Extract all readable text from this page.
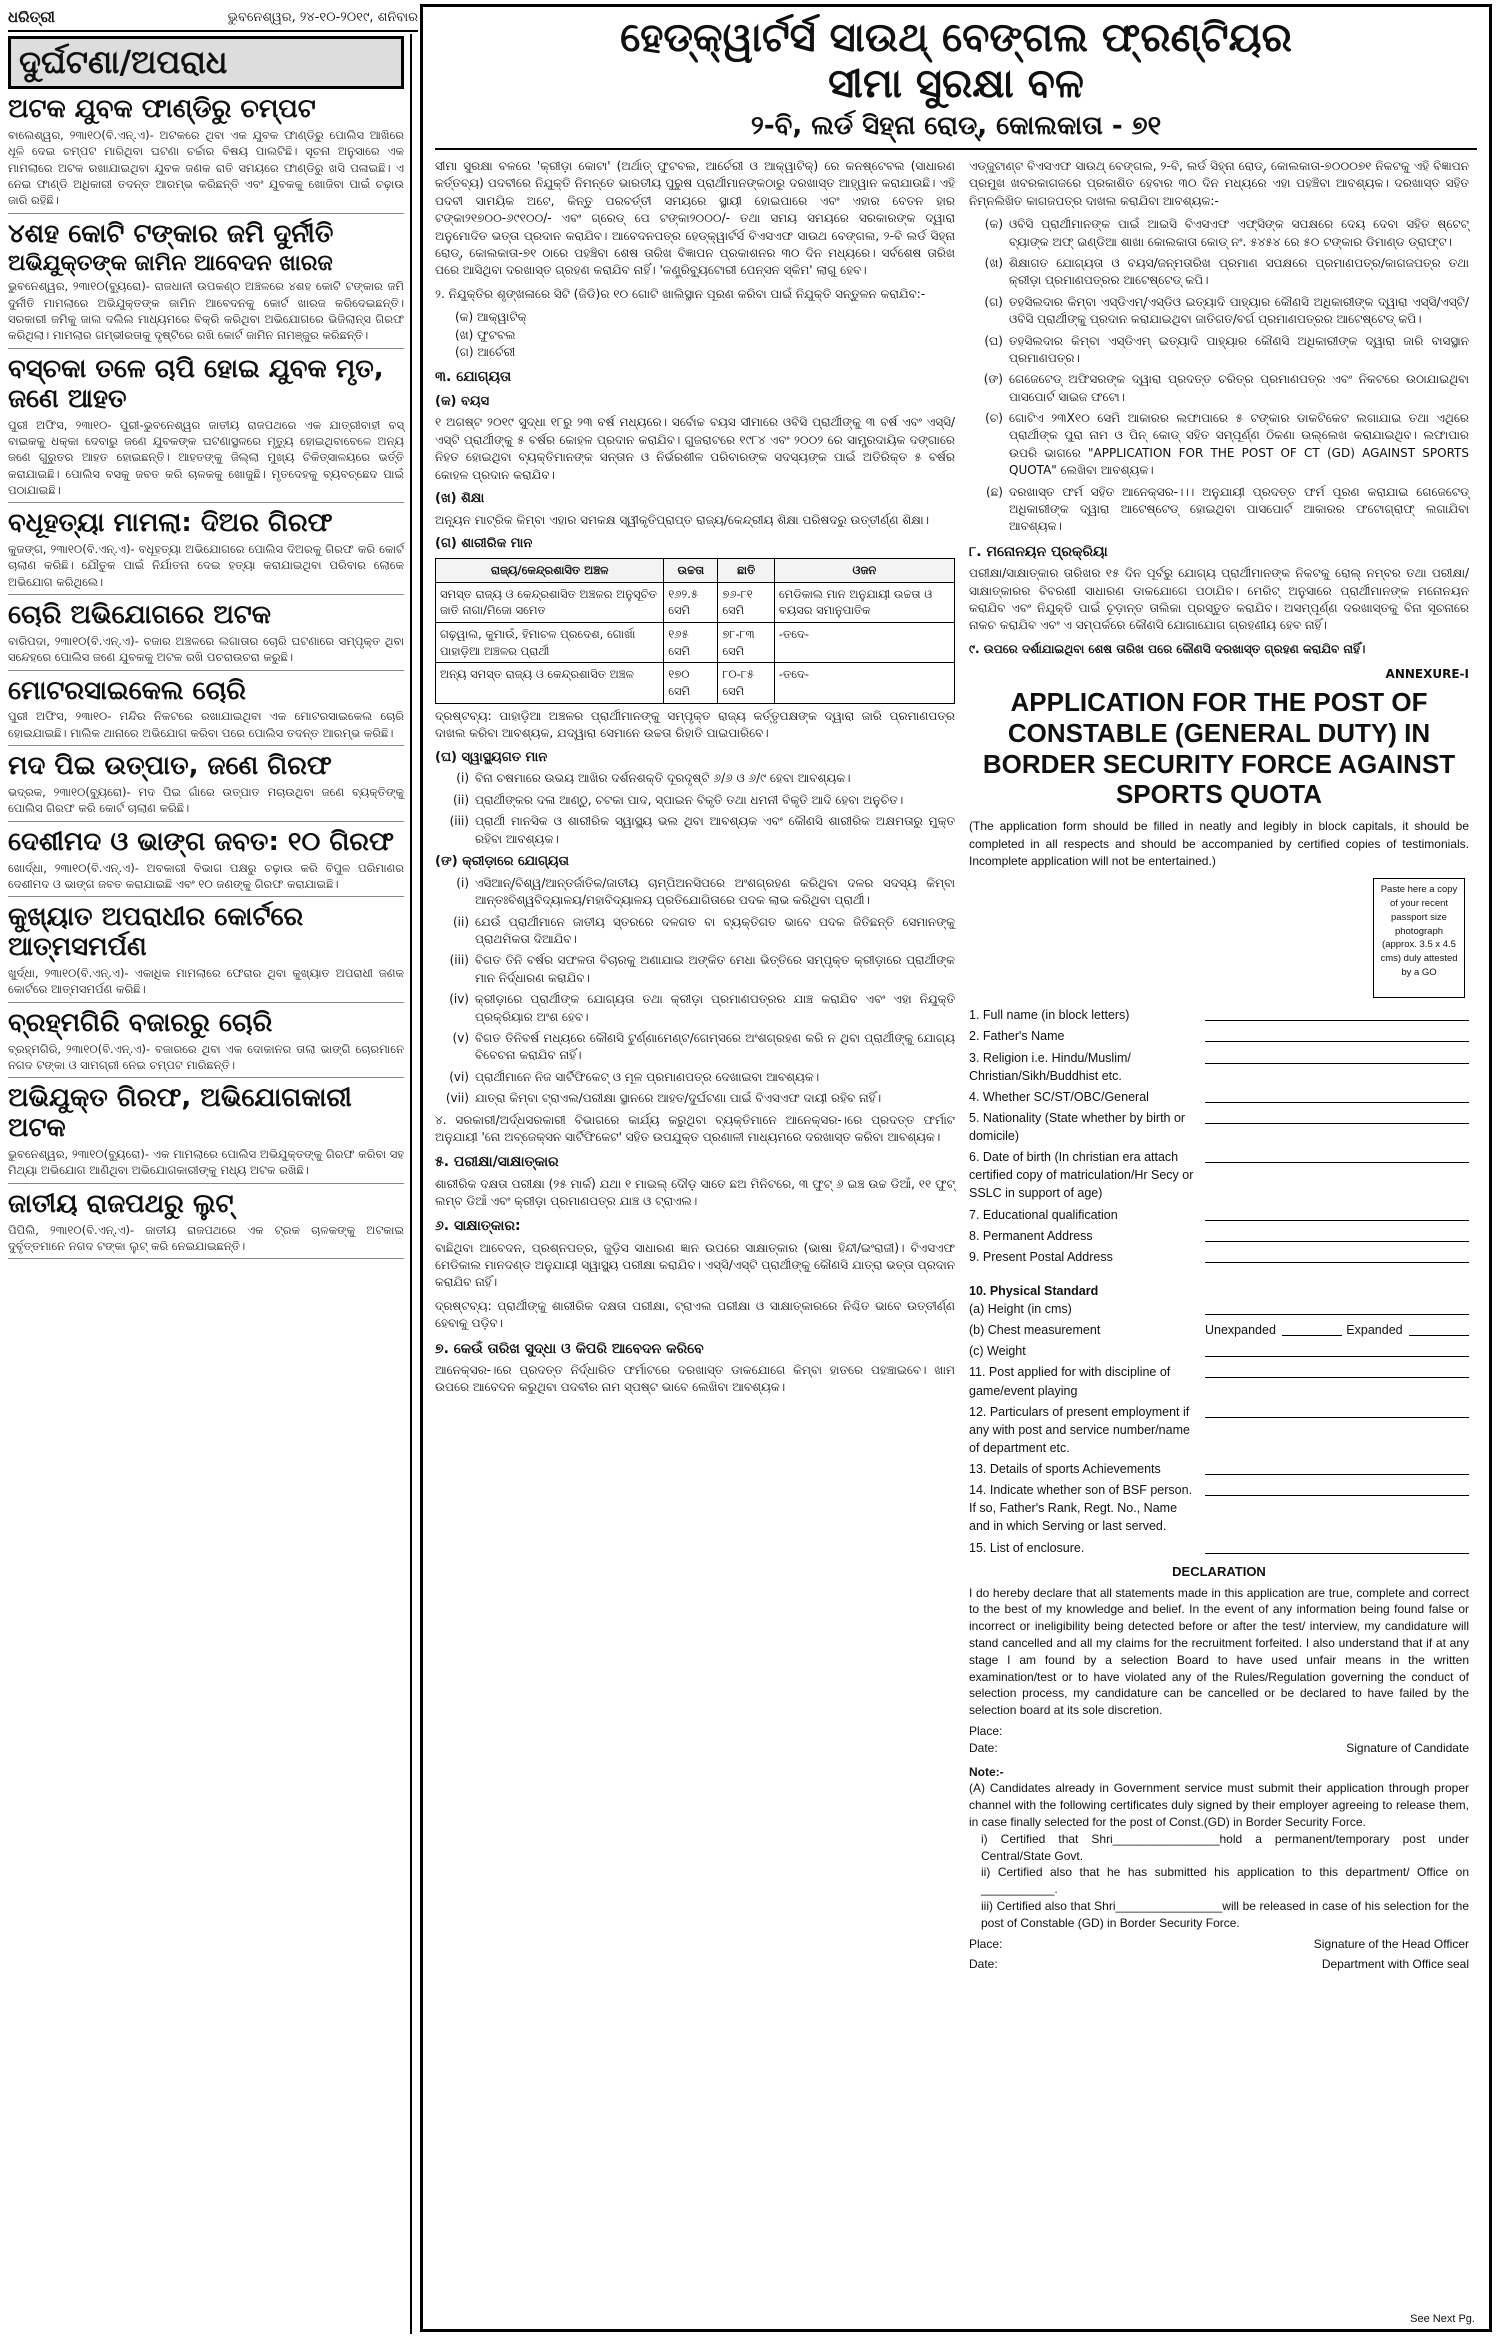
ଧରିତ୍ରୀ	ଭୁବନେଶ୍ୱର, ୨୪-୧୦-୨୦୧୯, ଶନିବାର
ଦୁର୍ଘଟଣା/ଅପରାଧ
ଅଟକ ଯୁବକ ଫାଣ୍ଡିରୁ ଚମ୍ପଟ

ବାଲେଶ୍ୱର, ୨୩ା୧୦(ବି.ଏନ୍.ଏ)- ଅଟକରେ ଥିବା ଏକ ଯୁବକ ଫାଣ୍ଡିରୁ ପୋଲିସ ଆଖିରେ ଧୂଳି ଦେଇ ଚମ୍ପଟ ମାରିଥିବା ଘଟଣା ଚର୍ଚ୍ଚାର ବିଷୟ ପାଲଟିଛି। ସୂଚନା ଅନୁସାରେ ଏକ ମାମଲାରେ ଅଟକ ରଖାଯାଇଥିବା ଯୁବକ ଜଣକ ରାତି ସମୟରେ ଫାଣ୍ଡିରୁ ଖସି ପଳାଇଛି। ଏ ନେଇ ଫାଣ୍ଡି ଅଧିକାରୀ ତଦନ୍ତ ଆରମ୍ଭ କରିଛନ୍ତି ଏବଂ ଯୁବକକୁ ଖୋଜିବା ପାଇଁ ଚଢ଼ାଉ ଜାରି ରହିଛି।

୪ଶହ କୋଟି ଟଙ୍କାର ଜମି ଦୁର୍ନୀତି
ଅଭିଯୁକ୍ତଙ୍କ ଜାମିନ ଆବେଦନ ଖାରଜ

ଭୁବନେଶ୍ୱର, ୨୩ା୧୦(ବ୍ୟୁରୋ)- ରାଜଧାନୀ ଉପକଣ୍ଠ ଅଞ୍ଚଳରେ ୪ଶହ କୋଟି ଟଙ୍କାର ଜମି ଦୁର୍ନୀତି ମାମଲାରେ ଅଭିଯୁକ୍ତଙ୍କ ଜାମିନ ଆବେଦନକୁ କୋର୍ଟ ଖାରଜ କରିଦେଇଛନ୍ତି। ସରକାରୀ ଜମିକୁ ଜାଲ ଦଲିଲ ମାଧ୍ୟମରେ ବିକ୍ରି କରିଥିବା ଅଭିଯୋଗରେ ଭିଜିଲାନ୍ସ ଗିରଫ କରିଥିଲା। ମାମଲାର ଗମ୍ଭୀରତାକୁ ଦୃଷ୍ଟିରେ ରଖି କୋର୍ଟ ଜାମିନ ନାମଞ୍ଜୁର କରିଛନ୍ତି।

ବସ୍‌ଚକା ତଳେ ଚାପି ହୋଇ ଯୁବକ ମୃତ, ଜଣେ ଆହତ

ପୁରୀ ଅଫିସ, ୨୩ା୧୦- ପୁରୀ-ଭୁବନେଶ୍ୱର ଜାତୀୟ ରାଜପଥରେ ଏକ ଯାତ୍ରୀବାହୀ ବସ୍ ବାଇକକୁ ଧକ୍କା ଦେବାରୁ ଜଣେ ଯୁବକଙ୍କ ଘଟଣାସ୍ଥଳରେ ମୃତ୍ୟୁ ହୋଇଥିବାବେଳେ ଅନ୍ୟ ଜଣେ ଗୁରୁତର ଆହତ ହୋଇଛନ୍ତି। ଆହତଙ୍କୁ ଜିଲ୍ଲା ମୁଖ୍ୟ ଚିକିତ୍ସାଳୟରେ ଭର୍ତ୍ତି କରାଯାଇଛି। ପୋଲିସ ବସକୁ ଜବତ କରି ଚାଳକକୁ ଖୋଜୁଛି। ମୃତଦେହକୁ ବ୍ୟବଚ୍ଛେଦ ପାଇଁ ପଠାଯାଇଛି।

ବଧୂହତ୍ୟା ମାମଲା: ଦିଅର ଗିରଫ

କୁଜଙ୍ଗ, ୨୩ା୧୦(ବି.ଏନ୍.ଏ)- ବଧୂହତ୍ୟା ଅଭିଯୋଗରେ ପୋଲିସ ଦିଅରକୁ ଗିରଫ କରି କୋର୍ଟ ଚାଲାଣ କରିଛି। ଯୌତୁକ ପାଇଁ ନିର୍ଯାତନା ଦେଇ ହତ୍ୟା କରାଯାଇଥିବା ପରିବାର ଲୋକେ ଅଭିଯୋଗ କରିଥିଲେ।

ଚୋରି ଅଭିଯୋଗରେ ଅଟକ

ବାରିପଦା, ୨୩ା୧୦(ବି.ଏନ୍.ଏ)- ବଜାର ଅଞ୍ଚଳରେ ଲଗାତାର ଚୋରି ଘଟଣାରେ ସମ୍ପୃକ୍ତ ଥିବା ସନ୍ଦେହରେ ପୋଲିସ ଜଣେ ଯୁବକକୁ ଅଟକ ରଖି ପଚରାଉଚରା କରୁଛି।

ମୋଟରସାଇକେଲ ଚୋରି

ପୁରୀ ଅଫିସ, ୨୩ା୧୦- ମନ୍ଦିର ନିକଟରେ ରଖାଯାଇଥିବା ଏକ ମୋଟରସାଇକେଲ ଚୋରି ହୋଇଯାଇଛି। ମାଲିକ ଥାନାରେ ଅଭିଯୋଗ କରିବା ପରେ ପୋଲିସ ତଦନ୍ତ ଆରମ୍ଭ କରିଛି।

ମଦ ପିଇ ଉତ୍ପାତ, ଜଣେ ଗିରଫ

ଭଦ୍ରକ, ୨୩ା୧୦(ବ୍ୟୁରୋ)- ମଦ ପିଇ ଗାଁରେ ଉତ୍ପାତ ମଚାଉଥିବା ଜଣେ ବ୍ୟକ୍ତିଙ୍କୁ ପୋଲିସ ଗିରଫ କରି କୋର୍ଟ ଚାଲାଣ କରିଛି।

ଦେଶୀମଦ ଓ ଭାଙ୍ଗ ଜବତ: ୧୦ ଗିରଫ

ଖୋର୍ଦ୍ଧା, ୨୩ା୧୦(ବି.ଏନ୍.ଏ)- ଅବକାରୀ ବିଭାଗ ପକ୍ଷରୁ ଚଢ଼ାଉ କରି ବିପୁଳ ପରିମାଣର ଦେଶୀମଦ ଓ ଭାଙ୍ଗ ଜବତ କରାଯାଇଛି ଏବଂ ୧୦ ଜଣଙ୍କୁ ଗିରଫ କରାଯାଇଛି।

କୁଖ୍ୟାତ ଅପରାଧୀର କୋର୍ଟରେ ଆତ୍ମସମର୍ପଣ

ଖୁର୍ଦ୍ଧା, ୨୩ା୧୦(ବି.ଏନ୍.ଏ)- ଏକାଧିକ ମାମଲାରେ ଫେରାର ଥିବା କୁଖ୍ୟାତ ଅପରାଧୀ ଜଣକ କୋର୍ଟରେ ଆତ୍ମସମର୍ପଣ କରିଛି।

ବ୍ରହ୍ମଗିରି ବଜାରରୁ ଚୋରି

ବ୍ରହ୍ମଗିରି, ୨୩ା୧୦(ବି.ଏନ୍.ଏ)- ବଜାରରେ ଥିବା ଏକ ଦୋକାନର ତାଲା ଭାଙ୍ଗି ଚୋରମାନେ ନଗଦ ଟଙ୍କା ଓ ସାମଗ୍ରୀ ନେଇ ଚମ୍ପଟ ମାରିଛନ୍ତି।

ଅଭିଯୁକ୍ତ ଗିରଫ, ଅଭିଯୋଗକାରୀ ଅଟକ

ଭୁବନେଶ୍ୱର, ୨୩ା୧୦(ବ୍ୟୁରୋ)- ଏକ ମାମଲାରେ ପୋଲିସ ଅଭିଯୁକ୍ତଙ୍କୁ ଗିରଫ କରିବା ସହ ମିଥ୍ୟା ଅଭିଯୋଗ ଆଣିଥିବା ଅଭିଯୋଗକାରୀଙ୍କୁ ମଧ୍ୟ ଅଟକ ରଖିଛି।

ଜାତୀୟ ରାଜପଥରୁ ଲୁଟ୍

ପିପିଲି, ୨୩ା୧୦(ବି.ଏନ୍.ଏ)- ଜାତୀୟ ରାଜପଥରେ ଏକ ଟ୍ରକ ଚାଳକଙ୍କୁ ଅଟକାଇ ଦୁର୍ବୃତ୍ତମାନେ ନଗଦ ଟଙ୍କା ଲୁଟ୍ କରି ନେଇଯାଇଛନ୍ତି।

ହେଡ୍‌କ୍ୱାର୍ଟର୍ସ ସାଉଥ୍ ବେଙ୍ଗଲ ଫ୍ରଣ୍ଟିୟର
ସୀମା ସୁରକ୍ଷା ବଳ
୨-ବି, ଲର୍ଡ ସିହ୍ନା ରୋଡ୍, କୋଲକାତା - ୭୧

ସୀମା ସୁରକ୍ଷା ବଳରେ 'କ୍ରୀଡ଼ା କୋଟା' (ଅର୍ଥାତ୍ ଫୁଟବଲ, ଆର୍ଚେରୀ ଓ ଆକ୍ୱାଟିକ୍) ରେ କନଷ୍ଟେବଲ (ସାଧାରଣ କର୍ତ୍ତବ୍ୟ) ପଦବୀରେ ନିଯୁକ୍ତି ନିମନ୍ତେ ଭାରତୀୟ ପୁରୁଷ ପ୍ରାର୍ଥୀମାନଙ୍କଠାରୁ ଦରଖାସ୍ତ ଆହ୍ୱାନ କରାଯାଉଛି। ଏହି ପଦବୀ ସାମୟିକ ଅଟେ, କିନ୍ତୁ ପରବର୍ତ୍ତୀ ସମୟରେ ସ୍ଥାୟୀ ହୋଇପାରେ ଏବଂ ଏହାର ବେତନ ହାର ଟଙ୍କା୨୧୭୦୦-୬୯୧୦୦/- ଏବଂ ଗ୍ରେଡ୍ ପେ ଟଙ୍କା୨୦୦୦/- ତଥା ସମୟ ସମୟରେ ସରକାରଙ୍କ ଦ୍ୱାରା ଅନୁମୋଦିତ ଭତ୍ତା ପ୍ରଦାନ କରାଯିବ। ଆବେଦନପତ୍ର ହେଡ୍‌କ୍ୱାର୍ଟର୍ସ ବିଏସଏଫ ସାଉଥ ବେଙ୍ଗଲ, ୨-ବି ଲର୍ଡ ସିହ୍ନା ରୋଡ୍, କୋଲକାତା-୭୧ ଠାରେ ପହଞ୍ଚିବା ଶେଷ ତାରିଖ ବିଜ୍ଞାପନ ପ୍ରକାଶନର ୩୦ ଦିନ ମଧ୍ୟରେ। ସର୍ବଶେଷ ତାରିଖ ପରେ ଆସିଥିବା ଦରଖାସ୍ତ ଗ୍ରହଣ କରାଯିବ ନାହିଁ। 'କଣ୍ଟ୍ରିବ୍ୟୁଟୋରୀ ପେନ୍‌ସନ ସ୍କିମ' ଲାଗୁ ହେବ।

୨. ନିଯୁକ୍ତିର ଶୃଙ୍ଖଳାରେ ସିଟି (ଜିଡି)ର ୧୦ ଗୋଟି ଖାଲିସ୍ଥାନ ପୂରଣ କରିବା ପାଇଁ ନିଯୁକ୍ତି ସନ୍ତୁଳନ କରାଯିବ:-

(କ) ଆକ୍ୱାଟିକ୍
(ଖ) ଫୁଟବଲ
(ଗ) ଆର୍ଚେରୀ
୩. ଯୋଗ୍ୟତା
(କ) ବୟସ

୧ ଅଗଷ୍ଟ ୨୦୧୯ ସୁଦ୍ଧା ୧୮ରୁ ୨୩ ବର୍ଷ ମଧ୍ୟରେ। ସର୍ବୋଚ୍ଚ ବୟସ ସୀମାରେ ଓବିସି ପ୍ରାର୍ଥୀଙ୍କୁ ୩ ବର୍ଷ ଏବଂ ଏସ୍‌ସି/ଏସ୍‌ଟି ପ୍ରାର୍ଥୀଙ୍କୁ ୫ ବର୍ଷର କୋହଳ ପ୍ରଦାନ କରାଯିବ। ଗୁଜରାଟରେ ୧୯୮୪ ଏବଂ ୨୦୦୨ ରେ ସାମ୍ପ୍ରଦାୟିକ ଦଙ୍ଗାରେ ନିହତ ହୋଇଥିବା ବ୍ୟକ୍ତିମାନଙ୍କ ସନ୍ତାନ ଓ ନିର୍ଭରଶୀଳ ପରିବାରଙ୍କ ସଦସ୍ୟଙ୍କ ପାଇଁ ଅତିରିକ୍ତ ୫ ବର୍ଷର କୋହଳ ପ୍ରଦାନ କରାଯିବ।

(ଖ) ଶିକ୍ଷା

ଅନ୍ୟୂନ ମାଟ୍ରିକ କିମ୍ବା ଏହାର ସମକକ୍ଷ ସ୍ୱୀକୃତିପ୍ରାପ୍ତ ରାଜ୍ୟ/କେନ୍ଦ୍ରୀୟ ଶିକ୍ଷା ପରିଷଦରୁ ଉତ୍ତୀର୍ଣ୍ଣ ଶିକ୍ଷା।

(ଗ) ଶାରୀରିକ ମାନ
ରାଜ୍ୟ/କେନ୍ଦ୍ରଶାସିତ ଅଞ୍ଚଳ	ଉଚ୍ଚତା	ଛାତି	ଓଜନ
ସମସ୍ତ ରାଜ୍ୟ ଓ କେନ୍ଦ୍ରଶାସିତ ଅଞ୍ଚଳର ଅନୁସୂଚିତ ଜାତି ନାଗା/ମିଜୋ ସମେତ	୧୬୨.୫ ସେମି	୭୬-୮୧ ସେମି	ମେଡିକାଲ ମାନ ଅନୁଯାୟୀ ଉଚ୍ଚତା ଓ ବୟସର ସମାନୁପାତିକ
ଗଢ଼ୱାଲ, କୁମାଉଁ, ହିମାଚଳ ପ୍ରଦେଶ, ଗୋର୍ଖା ପାହାଡ଼ିଆ ଅଞ୍ଚଳର ପ୍ରାର୍ଥୀ	୧୬୫ ସେମି	୭୮-୮୩ ସେମି	-ତଦେ-
ଅନ୍ୟ ସମସ୍ତ ରାଜ୍ୟ ଓ କେନ୍ଦ୍ରଶାସିତ ଅଞ୍ଚଳ	୧୭୦ ସେମି	୮୦-୮୫ ସେମି	-ତଦେ-

ଦ୍ରଷ୍ଟବ୍ୟ: ପାହାଡ଼ିଆ ଅଞ୍ଚଳର ପ୍ରାର୍ଥୀମାନଙ୍କୁ ସମ୍ପୃକ୍ତ ରାଜ୍ୟ କର୍ତ୍ତୃପକ୍ଷଙ୍କ ଦ୍ୱାରା ଜାରି ପ୍ରମାଣପତ୍ର ଦାଖଲ କରିବା ଆବଶ୍ୟକ, ଯଦ୍ୱାରା ସେମାନେ ଉଚ୍ଚତା ରିହାତି ପାଇପାରିବେ।

(ଘ) ସ୍ୱାସ୍ଥ୍ୟଗତ ମାନ
(i) ବିନା ଚଷମାରେ ଉଭୟ ଆଖିର ଦର୍ଶନଶକ୍ତି ଦୂରଦୃଷ୍ଟି ୬/୬ ଓ ୬/୯ ହେବା ଆବଶ୍ୟକ।
(ii) ପ୍ରାର୍ଥୀଙ୍କର ଦଳା ଆଣ୍ଠୁ, ଚଟକା ପାଦ, ସ୍ପାଇନ ବିକୃତି ତଥା ଧମନୀ ବିକୃତି ଆଦି ହେବା ଅନୁଚିତ।
(iii) ପ୍ରାର୍ଥୀ ମାନସିକ ଓ ଶାରୀରିକ ସ୍ୱାସ୍ଥ୍ୟ ଭଲ ଥିବା ଆବଶ୍ୟକ ଏବଂ କୌଣସି ଶାରୀରିକ ଅକ୍ଷମତାରୁ ମୁକ୍ତ ରହିବା ଆବଶ୍ୟକ।
(ଙ) କ୍ରୀଡ଼ାରେ ଯୋଗ୍ୟତା
(i) ଏସିଆନ୍/ବିଶ୍ୱ/ଆନ୍ତର୍ଜାତିକ/ଜାତୀୟ ଚାମ୍ପିଅନସିପରେ ଅଂଶଗ୍ରହଣ କରିଥିବା ଦଳର ସଦସ୍ୟ କିମ୍ବା ଆନ୍ତଃବିଶ୍ୱବିଦ୍ୟାଳୟ/ମହାବିଦ୍ୟାଳୟ ପ୍ରତିଯୋଗିତାରେ ପଦକ ଲାଭ କରିଥିବା ପ୍ରାର୍ଥୀ।
(ii) ଯେଉଁ ପ୍ରାର୍ଥୀମାନେ ଜାତୀୟ ସ୍ତରରେ ଦଳଗତ ବା ବ୍ୟକ୍ତିଗତ ଭାବେ ପଦକ ଜିତିଛନ୍ତି ସେମାନଙ୍କୁ ପ୍ରାଥମିକତା ଦିଆଯିବ।
(iii) ବିଗତ ତିନି ବର୍ଷର ସଫଳତା ବିଚାରକୁ ଅଣାଯାଇ ଅଙ୍କିତ ମେଧା ଭିତ୍ତିରେ ସମ୍ପୃକ୍ତ କ୍ରୀଡ଼ାରେ ପ୍ରାର୍ଥୀଙ୍କ ମାନ ନିର୍ଦ୍ଧାରଣ କରାଯିବ।
(iv) କ୍ରୀଡ଼ାରେ ପ୍ରାର୍ଥୀଙ୍କ ଯୋଗ୍ୟତା ତଥା କ୍ରୀଡ଼ା ପ୍ରମାଣପତ୍ରର ଯାଞ୍ଚ କରାଯିବ ଏବଂ ଏହା ନିଯୁକ୍ତି ପ୍ରକ୍ରିୟାର ଅଂଶ ହେବ।
(v) ବିଗତ ତିନିବର୍ଷ ମଧ୍ୟରେ କୌଣସି ଟୁର୍ଣ୍ଣାମେଣ୍ଟ/ଗେମ୍ସରେ ଅଂଶଗ୍ରହଣ କରି ନ ଥିବା ପ୍ରାର୍ଥୀଙ୍କୁ ଯୋଗ୍ୟ ବିବେଚନା କରାଯିବ ନାହିଁ।
(vi) ପ୍ରାର୍ଥୀମାନେ ନିଜ ସାର୍ଟିଫିକେଟ୍ ଓ ମୂଳ ପ୍ରମାଣପତ୍ର ଦେଖାଇବା ଆବଶ୍ୟକ।
(vii) ଯାତ୍ରା କିମ୍ବା ଟ୍ରାଏଲ/ପରୀକ୍ଷା ସ୍ଥାନରେ ଆହତ/ଦୁର୍ଘଟଣା ପାଇଁ ବିଏସଏଫ ଦାୟୀ ରହିବ ନାହିଁ।

୪. ସରକାରୀ/ଅର୍ଦ୍ଧସରକାରୀ ବିଭାଗରେ କାର୍ଯ୍ୟ କରୁଥିବା ବ୍ୟକ୍ତିମାନେ ଆନେକ୍ସର-।ରେ ପ୍ରଦତ୍ତ ଫର୍ମାଟ ଅନୁଯାୟୀ 'ନୋ ଅବ୍‌ଜେକ୍ସନ ସାର୍ଟିଫିକେଟ' ସହିତ ଉପଯୁକ୍ତ ପ୍ରଣାଳୀ ମାଧ୍ୟମରେ ଦରଖାସ୍ତ କରିବା ଆବଶ୍ୟକ।

୫. ପରୀକ୍ଷା/ସାକ୍ଷାତ୍କାର

ଶାରୀରିକ ଦକ୍ଷତା ପରୀକ୍ଷା (୨୫ ମାର୍କ) ଯଥା ୧ ମାଇଲ୍ ଦୌଡ଼ ସାତେ ଛଅ ମିନିଟରେ, ୩ ଫୁଟ୍ ୬ ଇଞ୍ଚ ଉଚ୍ଚ ଡିଆଁ, ୧୧ ଫୁଟ୍ ଲମ୍ବ ଡିଆଁ ଏବଂ କ୍ରୀଡ଼ା ପ୍ରମାଣପତ୍ର ଯାଞ୍ଚ ଓ ଟ୍ରାଏଲ।

୬. ସାକ୍ଷାତ୍କାର:

ବାଛିଥିବା ଆବେଦନ, ପ୍ରଶ୍ନପତ୍ର, ଜୁଡ଼ିସ ସାଧାରଣ ଜ୍ଞାନ ଉପରେ ସାକ୍ଷାତ୍କାର (ଭାଷା ହିନ୍ଦୀ/ଇଂରାଜୀ)। ବିଏସଏଫ ମେଡିକାଲ ମାନଦଣ୍ଡ ଅନୁଯାୟୀ ସ୍ୱାସ୍ଥ୍ୟ ପରୀକ୍ଷା କରାଯିବ। ଏସ୍‌ସି/ଏସ୍‌ଟି ପ୍ରାର୍ଥୀଙ୍କୁ କୌଣସି ଯାତ୍ରା ଭତ୍ତା ପ୍ରଦାନ କରାଯିବ ନାହିଁ।

ଦ୍ରଷ୍ଟବ୍ୟ: ପ୍ରାର୍ଥୀଙ୍କୁ ଶାରୀରିକ ଦକ୍ଷତା ପରୀକ୍ଷା, ଟ୍ରାଏଲ ପରୀକ୍ଷା ଓ ସାକ୍ଷାତ୍କାରରେ ନିଶ୍ଚିତ ଭାବେ ଉତ୍ତୀର୍ଣ୍ଣ ହେବାକୁ ପଡ଼ିବ।

୭. କେଉଁ ତାରିଖ ସୁଦ୍ଧା ଓ କିପରି ଆବେଦନ କରିବେ

ଆନେକ୍ସର-।ରେ ପ୍ରଦତ୍ତ ନିର୍ଦ୍ଧାରିତ ଫର୍ମାଟରେ ଦରଖାସ୍ତ ଡାକଯୋଗେ କିମ୍ବା ହାତରେ ପହଞ୍ଚାଇବେ। ଖାମ ଉପରେ ଆବେଦନ କରୁଥିବା ପଦବୀର ନାମ ସ୍ପଷ୍ଟ ଭାବେ ଲେଖିବା ଆବଶ୍ୟକ।

ଏଡ୍‌ଜୁଟାଣ୍ଟ ବିଏସଏଫ ସାଉଥ୍ ବେଙ୍ଗଲ, ୨-ବି, ଲର୍ଡ ସିହ୍ନା ରୋଡ୍, କୋଲକାତା-୭୦୦୦୭୧ ନିକଟକୁ ଏହି ବିଜ୍ଞାପନ ପ୍ରମୁଖ ଖବରକାଗଜରେ ପ୍ରକାଶିତ ହେବାର ୩୦ ଦିନ ମଧ୍ୟରେ ଏହା ପହଞ୍ଚିବା ଆବଶ୍ୟକ। ଦରଖାସ୍ତ ସହିତ ନିମ୍ନଲିଖିତ କାଗଜପତ୍ର ଦାଖଲ କରାଯିବା ଆବଶ୍ୟକ:-

(କ) ଓବିସି ପ୍ରାର୍ଥୀମାନଙ୍କ ପାଇଁ ଆଇସି ବିଏସଏଫ ଏଫ୍‌ସିଙ୍କ ସପକ୍ଷରେ ଦେୟ ଦେବା ସହିତ ଷ୍ଟେଟ୍ ବ୍ୟାଙ୍କ ଅଫ୍ ଇଣ୍ଡିଆ ଶାଖା କୋଲକାତା କୋଡ୍ ନଂ. ୫୪୫୪ ରେ ୫୦ ଟଙ୍କାର ଡିମାଣ୍ଡ ଡ୍ରାଫ୍ଟ।
(ଖ) ଶିକ୍ଷାଗତ ଯୋଗ୍ୟତା ଓ ବୟସ/ଜନ୍ମତାରିଖ ପ୍ରମାଣ ସପକ୍ଷରେ ପ୍ରମାଣପତ୍ର/କାଗଜପତ୍ର ତଥା କ୍ରୀଡ଼ା ପ୍ରମାଣପତ୍ରର ଆଟେଷ୍ଟେଡ୍ କପି।
(ଗ) ତହସିଲଦାର କିମ୍ବା ଏସ୍‌ଡିଏମ୍/ଏସ୍‌ଡିଓ ଇତ୍ୟାଦି ପାହ୍ୟାର କୌଣସି ଅଧିକାରୀଙ୍କ ଦ୍ୱାରା ଏସ୍‌ସି/ଏସ୍‌ଟି/ଓବିସି ପ୍ରାର୍ଥୀଙ୍କୁ ପ୍ରଦାନ କରାଯାଇଥିବା ଜାତିଗତ/ବର୍ଗ ପ୍ରମାଣପତ୍ରର ଆଟେଷ୍ଟେଡ୍ କପି।
(ଘ) ତହସିଲଦାର କିମ୍ବା ଏସ୍‌ଡିଏମ୍ ଇତ୍ୟାଦି ପାହ୍ୟାର କୌଣସି ଅଧିକାରୀଙ୍କ ଦ୍ୱାରା ଜାରି ବାସସ୍ଥାନ ପ୍ରମାଣପତ୍ର।
(ଙ) ଗେଜେଟେଡ୍ ଅଫିସରଙ୍କ ଦ୍ୱାରା ପ୍ରଦତ୍ତ ଚରିତ୍ର ପ୍ରମାଣପତ୍ର ଏବଂ ନିକଟରେ ଉଠାଯାଇଥିବା ପାସପୋର୍ଟ ସାଇଜ ଫଟୋ।
(ଚ) ଗୋଟିଏ ୨୩X୧୦ ସେମି ଆକାରର ଲଫାପାରେ ୫ ଟଙ୍କାର ଡାକଟିକେଟ ଲଗାଯାଇ ତଥା ଏଥିରେ ପ୍ରାର୍ଥୀଙ୍କ ପୁରା ନାମ ଓ ପିନ୍ କୋଡ୍ ସହିତ ସମ୍ପୂର୍ଣ୍ଣ ଠିକଣା ଉଲ୍ଲେଖ କରାଯାଇଥିବ। ଲଫାପାର ଉପରି ଭାଗରେ "APPLICATION FOR THE POST OF CT (GD) AGAINST SPORTS QUOTA" ଲେଖିବା ଆବଶ୍ୟକ।
(ଛ) ଦରଖାସ୍ତ ଫର୍ମ ସହିତ ଆନେକ୍ସର-।।। ଅନୁଯାୟୀ ପ୍ରଦତ୍ତ ଫର୍ମ ପୂରଣ କରାଯାଇ ଗେଜେଟେଡ୍ ଅଧିକାରୀଙ୍କ ଦ୍ୱାରା ଆଟେଷ୍ଟେଡ୍ ହୋଇଥିବା ପାସପୋର୍ଟ ଆକାରର ଫଟୋଗ୍ରାଫ୍ ଲଗାଯିବା ଆବଶ୍ୟକ।
୮. ମନୋନୟନ ପ୍ରକ୍ରିୟା

ପରୀକ୍ଷା/ସାକ୍ଷାତ୍କାର ତାରିଖର ୧୫ ଦିନ ପୂର୍ବରୁ ଯୋଗ୍ୟ ପ୍ରାର୍ଥୀମାନଙ୍କ ନିକଟକୁ ରୋଲ୍ ନମ୍ବର ତଥା ପରୀକ୍ଷା/ସାକ୍ଷାତ୍କାରର ବିବରଣୀ ସାଧାରଣ ଡାକଯୋଗେ ପଠାଯିବ। ମେରିଟ୍ ଅନୁସାରେ ପ୍ରାର୍ଥୀମାନଙ୍କ ମନୋନୟନ କରାଯିବ ଏବଂ ନିଯୁକ୍ତି ପାଇଁ ଚୂଡ଼ାନ୍ତ ତାଲିକା ପ୍ରସ୍ତୁତ କରାଯିବ। ଅସମ୍ପୂର୍ଣ୍ଣ ଦରଖାସ୍ତକୁ ବିନା ସୂଚନାରେ ନାକଚ କରାଯିବ ଏବଂ ଏ ସମ୍ପର୍କରେ କୌଣସି ଯୋଗାଯୋଗ ଗ୍ରହଣୀୟ ହେବ ନାହିଁ।

୯. ଉପରେ ଦର୍ଶାଯାଇଥିବା ଶେଷ ତାରିଖ ପରେ କୌଣସି ଦରଖାସ୍ତ ଗ୍ରହଣ କରାଯିବ ନାହିଁ।

ANNEXURE-I
APPLICATION FOR THE POST OF CONSTABLE (GENERAL DUTY) IN BORDER SECURITY FORCE AGAINST SPORTS QUOTA
(The application form should be filled in neatly and legibly in block capitals, it should be completed in all respects and should be accompanied by certified copies of testimonials. Incomplete application will not be entertained.)
Paste here a copy of your recent passport size photograph (approx. 3.5 x 4.5 cms) duly attested by a GO
1. Full name (in block letters)
2. Father's Name
3. Religion i.e. Hindu/Muslim/ Christian/Sikh/Buddhist etc.
4. Whether SC/ST/OBC/General
5. Nationality (State whether by birth or domicile)
6. Date of birth (In christian era attach certified copy of matriculation/Hr Secy or SSLC in support of age)
7. Educational qualification
8. Permanent Address
9. Present Postal Address
10. Physical Standard
(a) Height (in cms)
(b) Chest measurement	Unexpanded	Expanded
(c) Weight
11. Post applied for with discipline of game/event playing
12. Particulars of present employment if any with post and service number/name of department etc.
13. Details of sports Achievements
14. Indicate whether son of BSF person. If so, Father's Rank, Regt. No., Name and in which Serving or last served.
15. List of enclosure.
DECLARATION
I do hereby declare that all statements made in this application are true, complete and correct to the best of my knowledge and belief. In the event of any information being found false or incorrect or ineligibility being detected before or after the test/ interview, my candidature will stand cancelled and all my claims for the recruitment forfeited. I also understand that if at any stage I am found by a selection Board to have used unfair means in the written examination/test or to have violated any of the Rules/Regulation governing the conduct of selection process, my candidature can be cancelled or be declared to have failed by the selection board at its sole discretion.
Place:
Date:	Signature of Candidate
Note:-
(A) Candidates already in Government service must submit their application through proper channel with the following certificates duly signed by their employer agreeing to release them, in case finally selected for the post of Const.(GD) in Border Security Force.
i) Certified that Shri________________hold a permanent/temporary post under Central/State Govt.
ii) Certified also that he has submitted his application to this department/ Office on ___________.
iii) Certified also that Shri________________will be released in case of his selection for the post of Constable (GD) in Border Security Force.
Place:	Signature of the Head Officer
Date:	Department with Office seal
See Next Pg.
